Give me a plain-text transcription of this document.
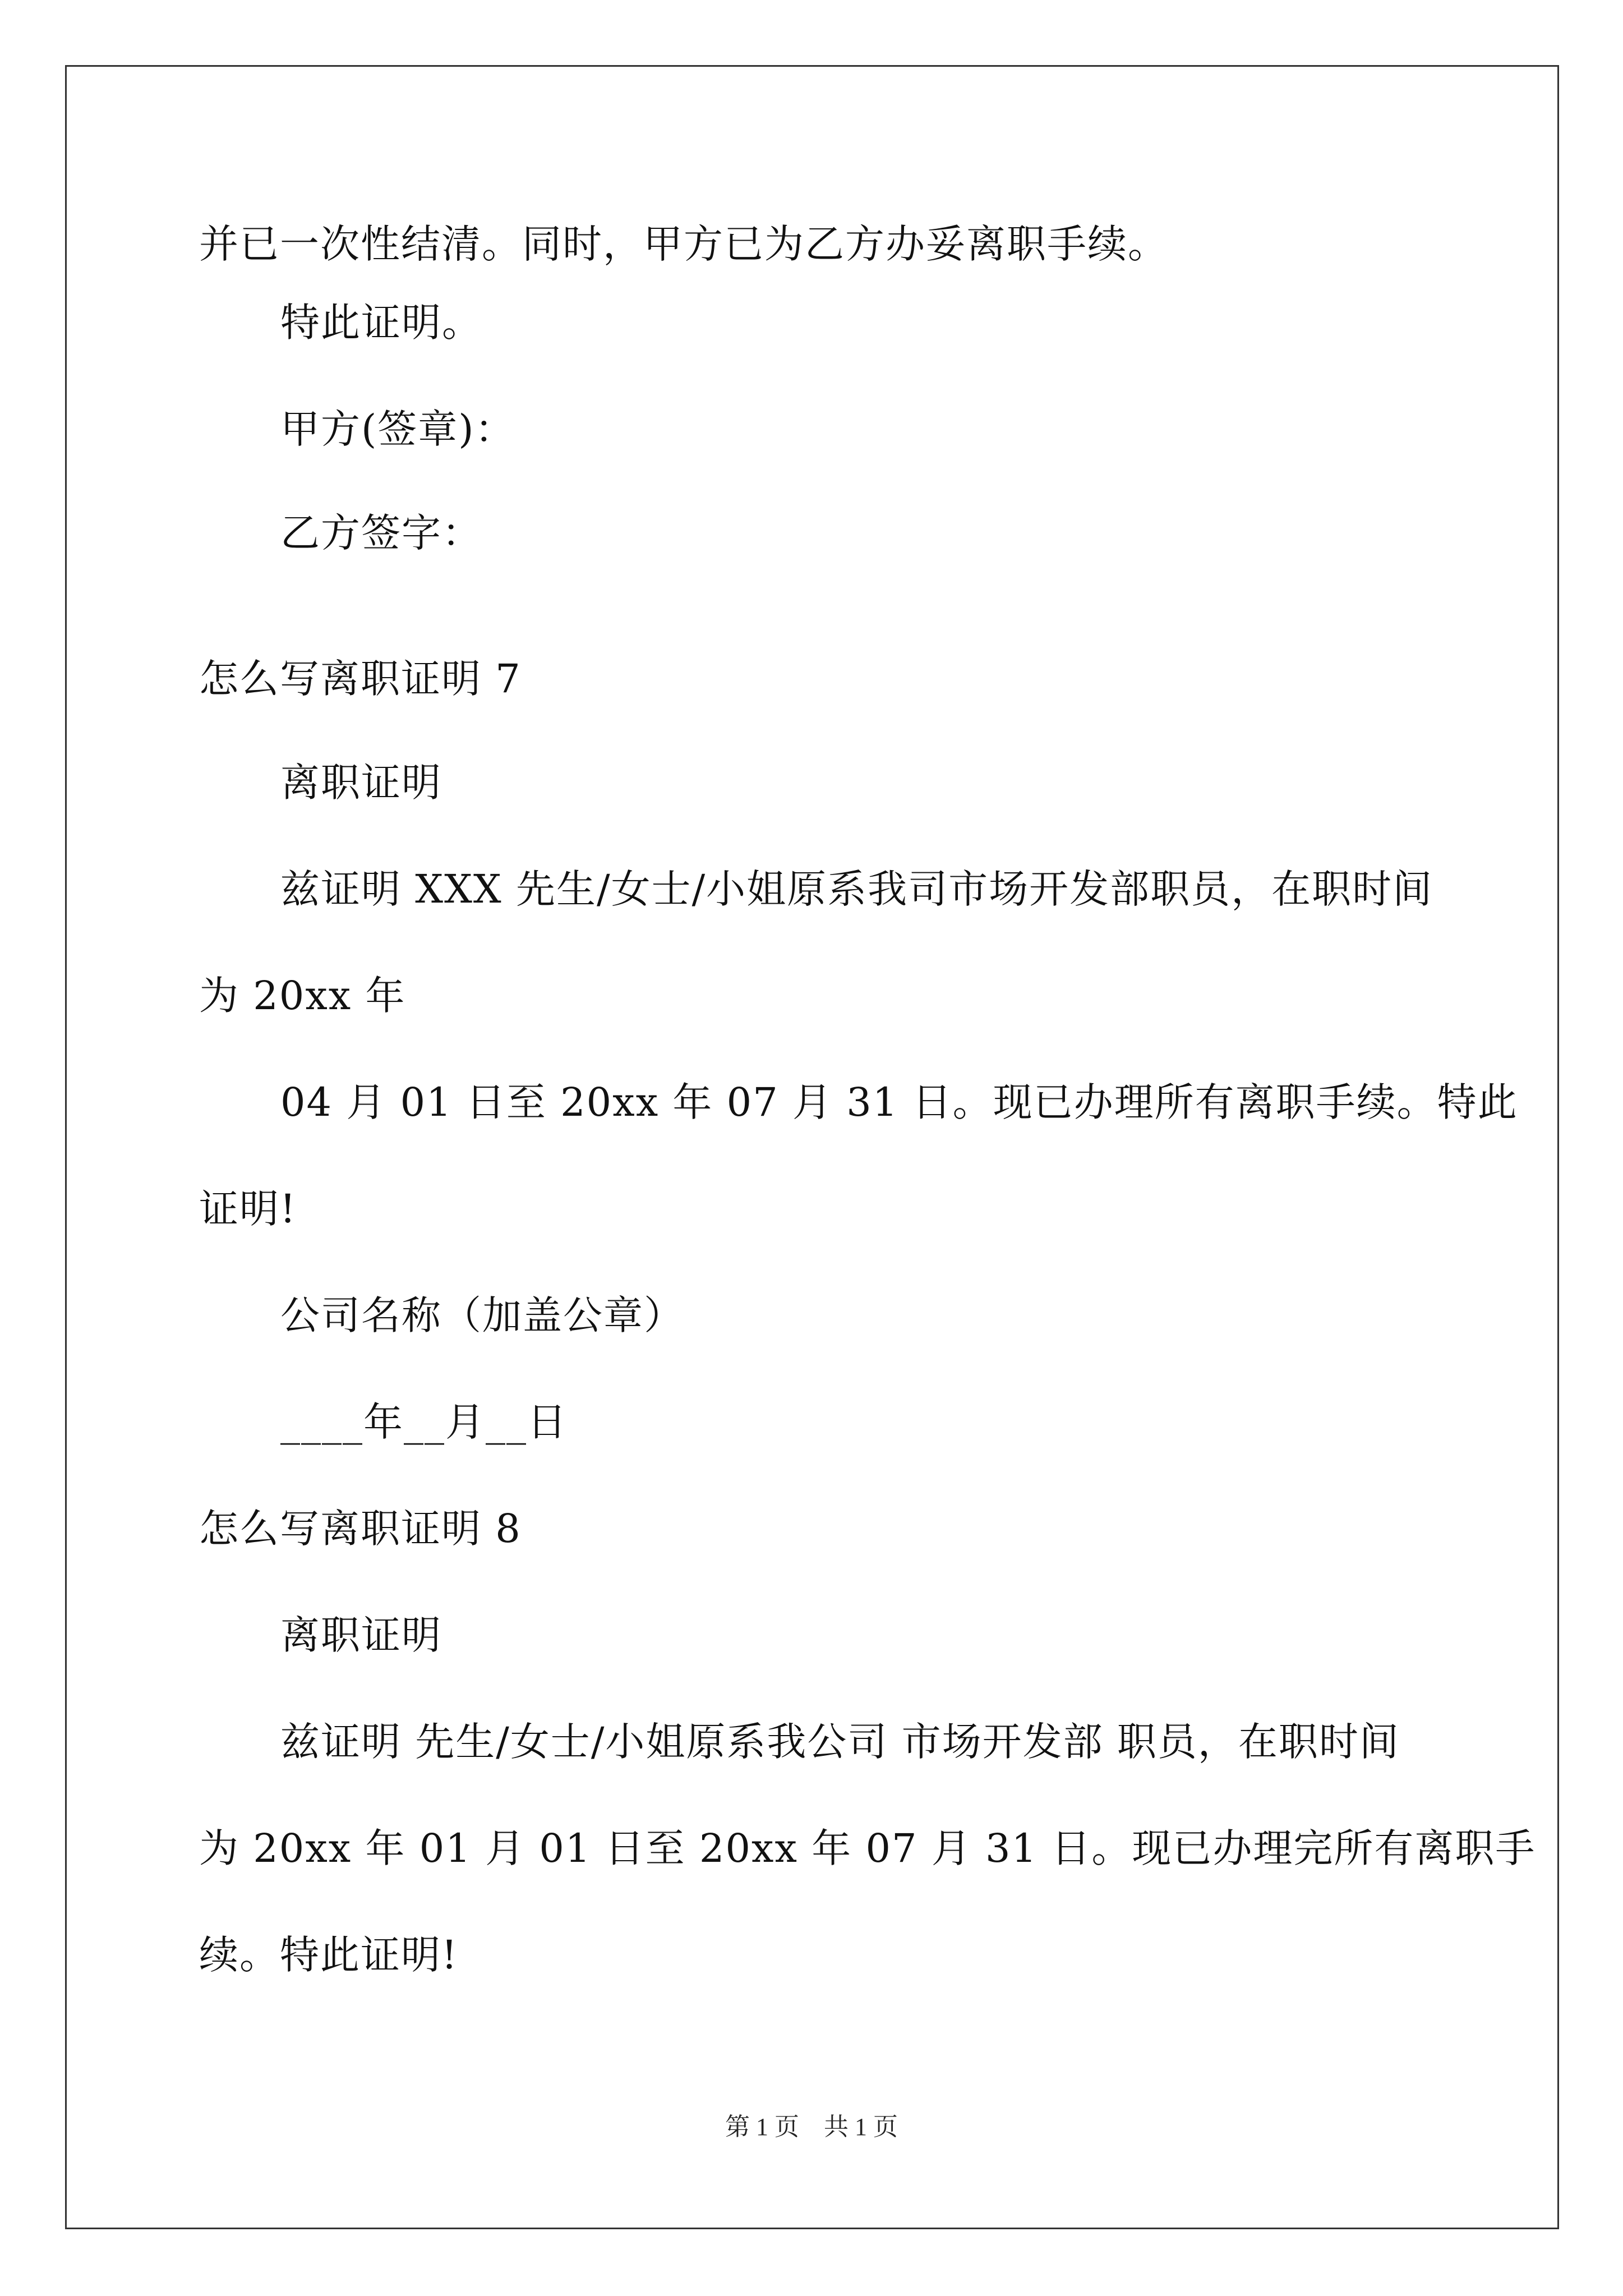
并已一次性结清。同时，甲方已为乙方办妥离职手续。
特此证明。
甲方(签章)：
乙方签字：
怎么写离职证明 7
离职证明
兹证明 XXX 先生/女士/小姐原系我司市场开发部职员，在职时间
为 20xx 年
04 月 01 日至 20xx 年 07 月 31 日。现已办理所有离职手续。特此
证明!
公司名称（加盖公章）
____年__月__日
怎么写离职证明 8
离职证明
兹证明 先生/女士/小姐原系我公司 市场开发部 职员，在职时间
为 20xx 年 01 月 01 日至 20xx 年 07 月 31 日。现已办理完所有离职手
续。特此证明!
第 1 页　共 1 页
